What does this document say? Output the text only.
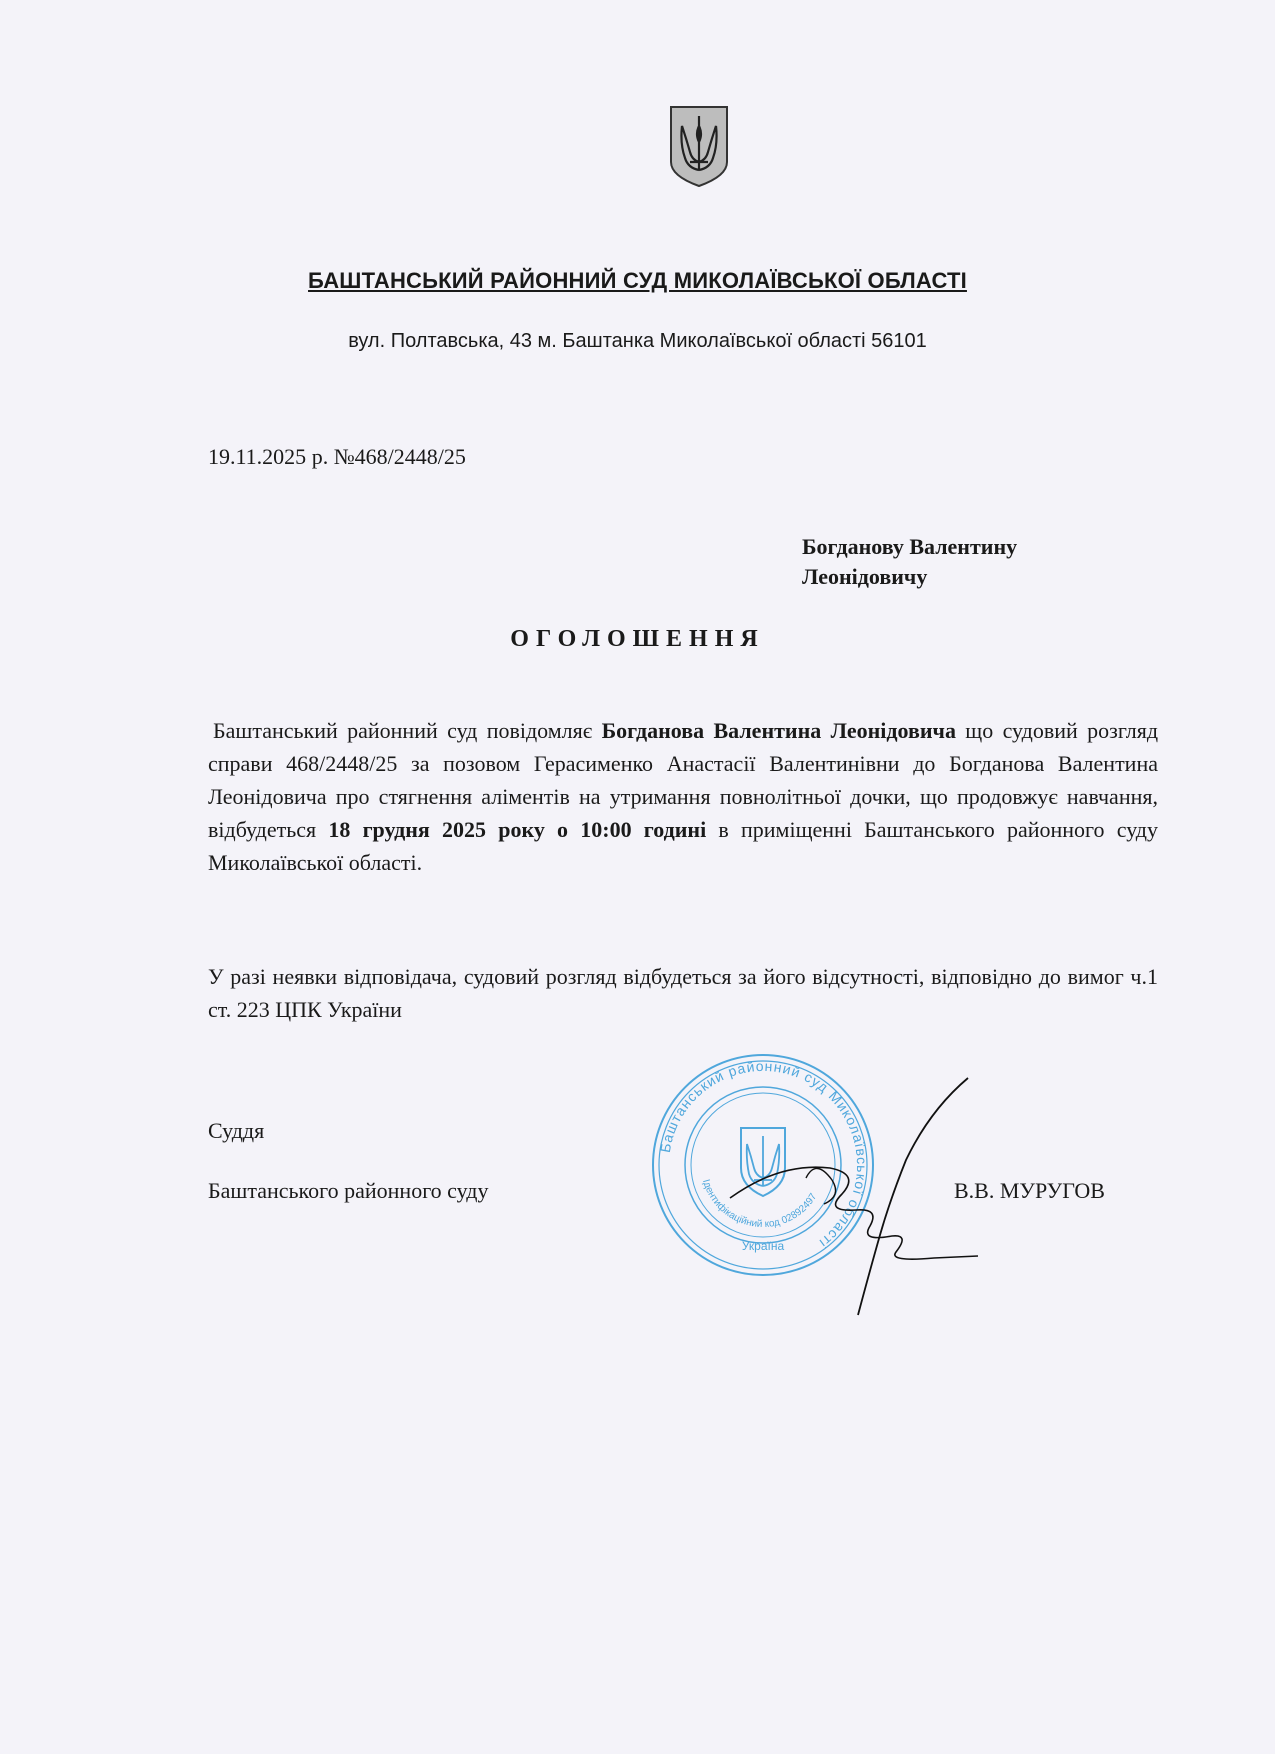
БАШТАНСЬКИЙ РАЙОННИЙ СУД МИКОЛАЇВСЬКОЇ ОБЛАСТІ
вул. Полтавська, 43 м. Баштанка Миколаївської області 56101
19.11.2025 р. №468/2448/25
Богданову Валентину
Леонідовичу
ОГОЛОШЕННЯ
Баштанський районний суд повідомляє Богданова Валентина Леонідовича що судовий розгляд справи 468/2448/25 за позовом Герасименко Анастасії Валентинівни до Богданова Валентина Леонідовича про стягнення аліментів на утримання повнолітньої дочки, що продовжує навчання, відбудеться 18 грудня 2025 року о 10:00 годині в приміщенні Баштанського районного суду Миколаївської області.
У разі неявки відповідача, судовий розгляд відбудеться за його відсутності, відповідно до вимог ч.1 ст. 223 ЦПК України
Суддя
Баштанського районного суду	В.В. МУРУГОВ
Баштанський районний суд Миколаївської області
Ідентифікаційний код 02892497
Україна
